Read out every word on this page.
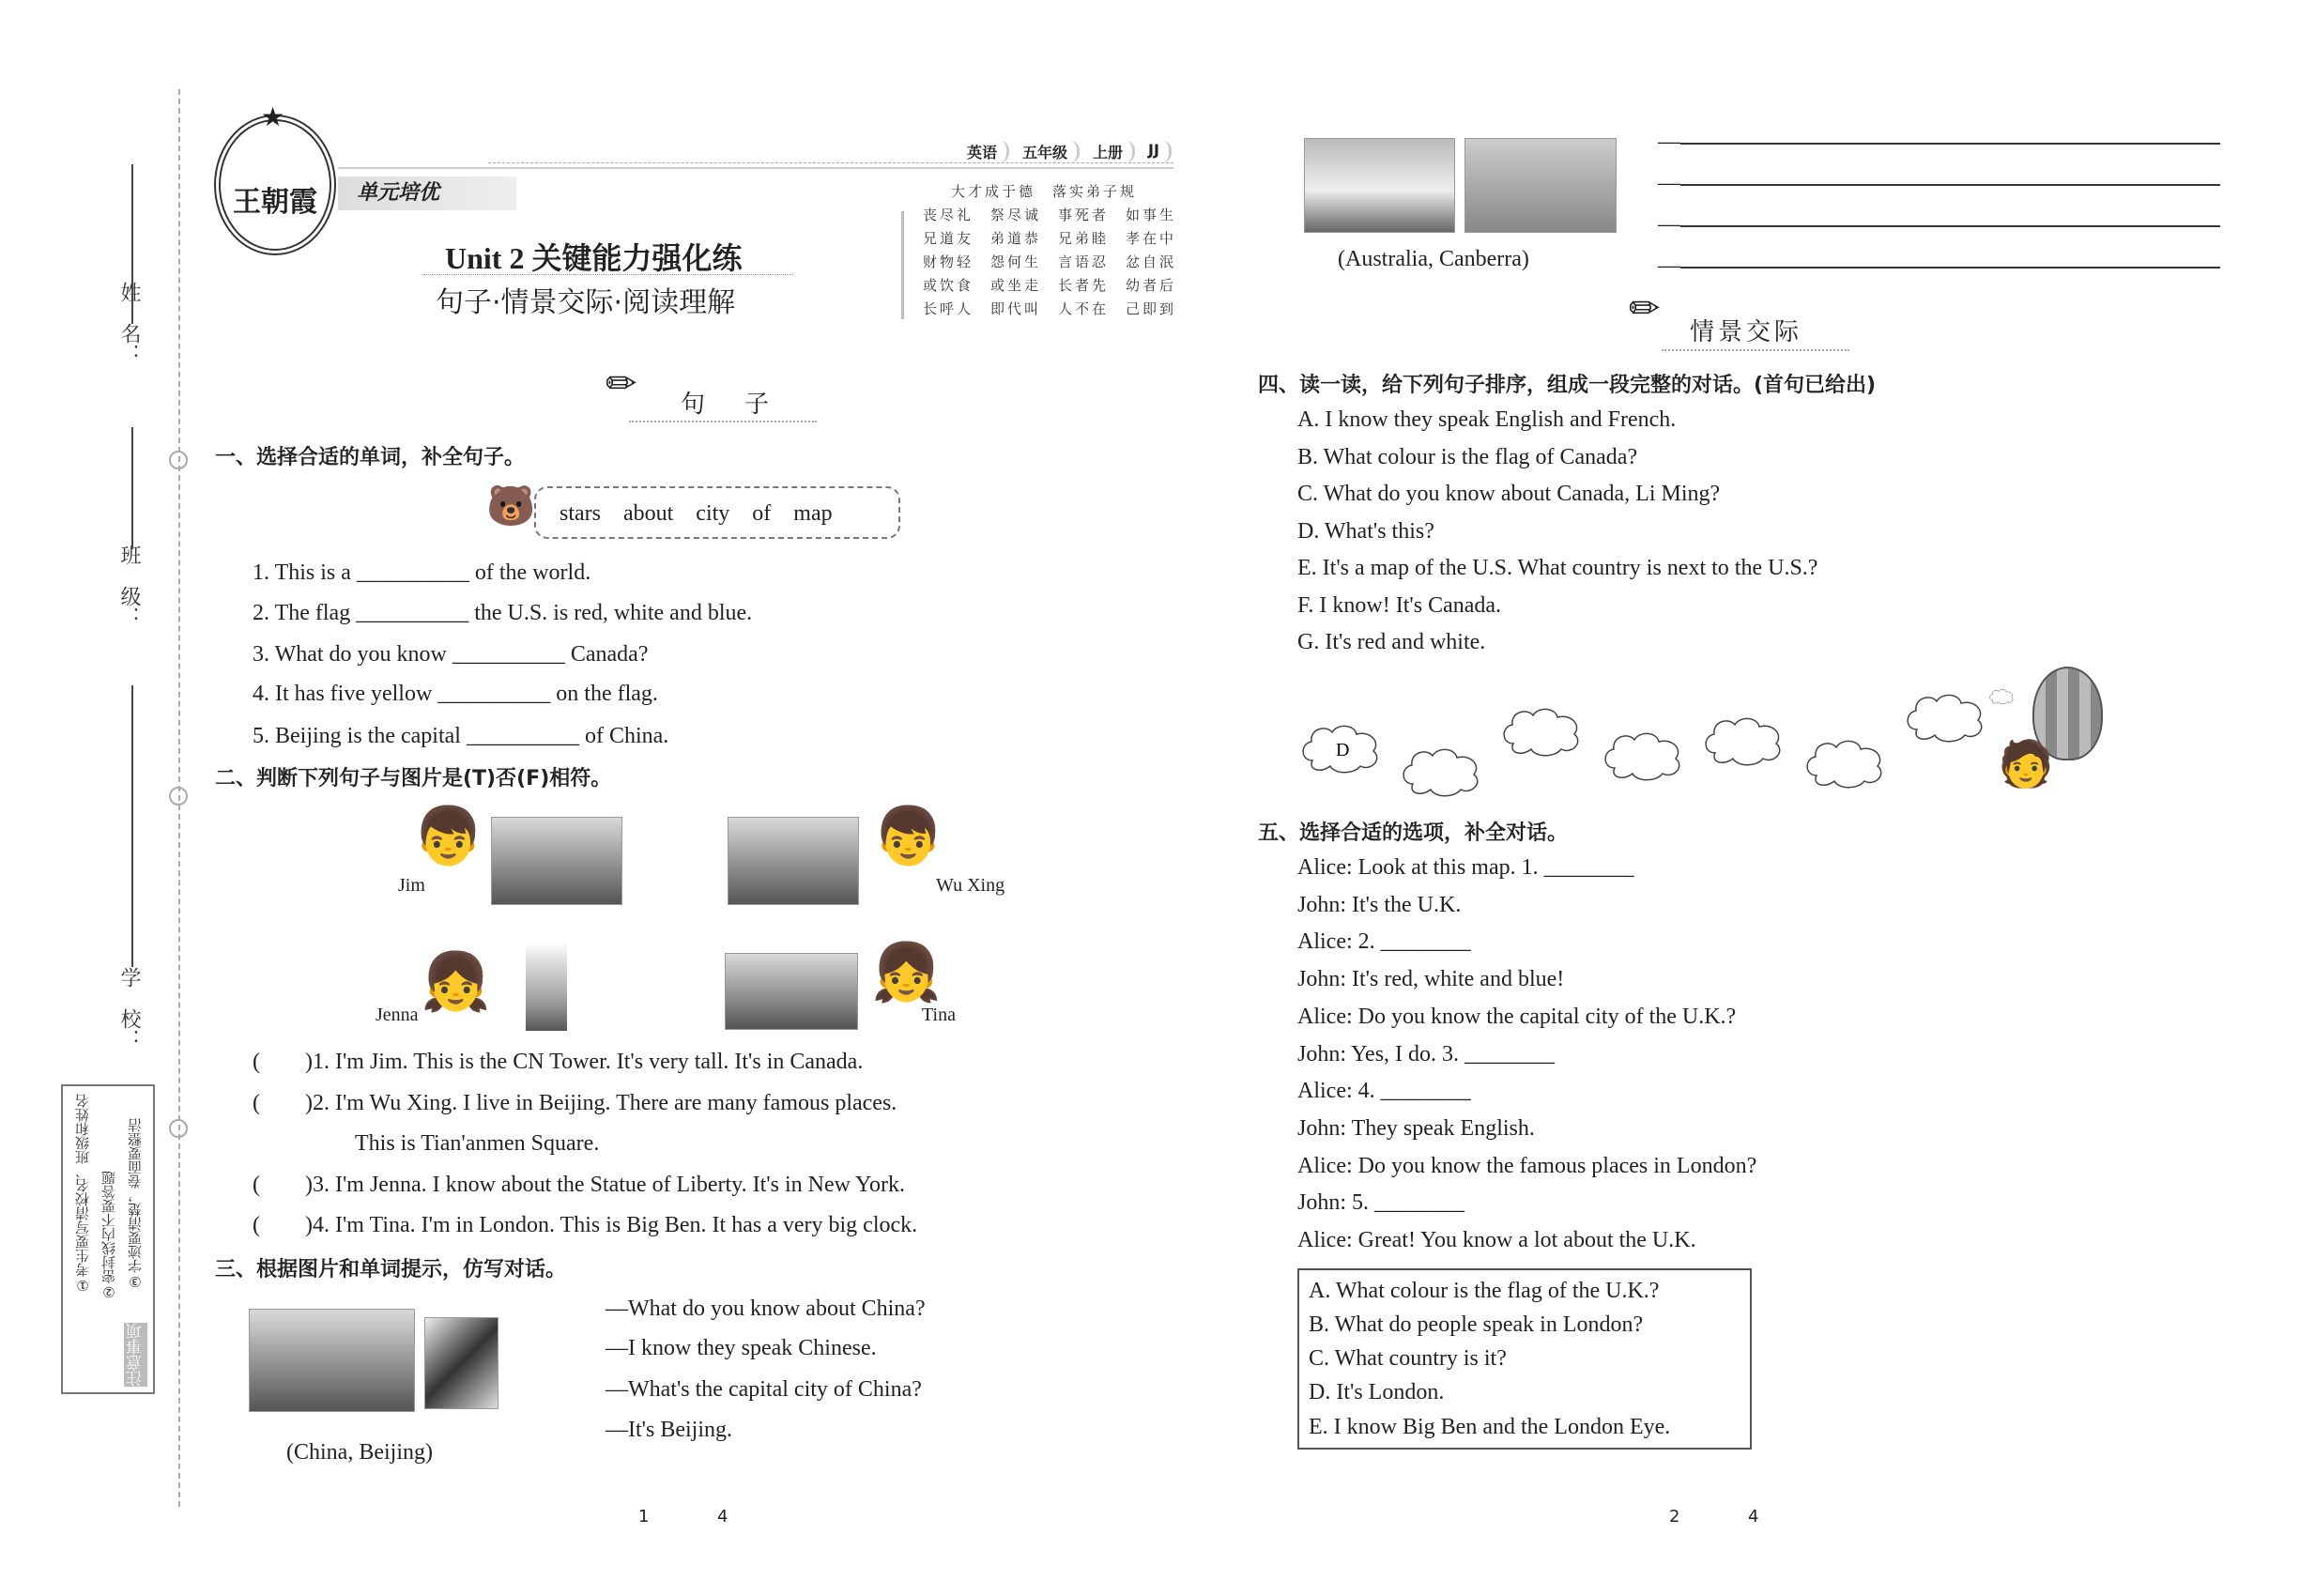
姓　名：
班　级：
学　校：
注意事项
①考生要写清校名、班级和姓名 ②密封线内不要答题 ③字迹要清楚，卷面要整洁
王朝霞
★
单元培优
英语	五年级	上册	JJ
Unit 2 关键能力强化练
句子·情景交际·阅读理解
大才成于德　落实弟子规
丧尽礼　祭尽诚　事死者　如事生
兄道友　弟道恭　兄弟睦　孝在中
财物轻　怨何生　言语忍　忿自泯
或饮食　或坐走　长者先　幼者后
长呼人　即代叫　人不在　己即到
✏ 句　子
一、选择合适的单词，补全句子。
🐻	stars　about　city　of　map
1. This is a __________ of the world.
2. The flag __________ the U.S. is red, white and blue.
3. What do you know __________ Canada?
4. It has five yellow __________ on the flag.
5. Beijing is the capital __________ of China.
二、判断下列句子与图片是(T)否(F)相符。
👦
Jim
👦
Wu Xing
👧
Jenna
👧
Tina
(　　)1. I'm Jim. This is the CN Tower. It's very tall. It's in Canada.
(　　)2. I'm Wu Xing. I live in Beijing. There are many famous places.
This is Tian'anmen Square.
(　　)3. I'm Jenna. I know about the Statue of Liberty. It's in New York.
(　　)4. I'm Tina. I'm in London. This is Big Ben. It has a very big clock.
三、根据图片和单词提示，仿写对话。
(China, Beijing)
—What do you know about China?
—I know they speak Chinese.
—What's the capital city of China?
—It's Beijing.
1	4
(Australia, Canberra)
—
—
—
—
✏
情景交际
四、读一读，给下列句子排序，组成一段完整的对话。(首句已给出)
A. I know they speak English and French.
B. What colour is the flag of Canada?
C. What do you know about Canada, Li Ming?
D. What's this?
E. It's a map of the U.S. What country is next to the U.S.?
F. I know! It's Canada.
G. It's red and white.
D	🧑
五、选择合适的选项，补全对话。
Alice: Look at this map. 1. ________
John: It's the U.K.
Alice: 2. ________
John: It's red, white and blue!
Alice: Do you know the capital city of the U.K.?
John: Yes, I do. 3. ________
Alice: 4. ________
John: They speak English.
Alice: Do you know the famous places in London?
John: 5. ________
Alice: Great! You know a lot about the U.K.
A. What colour is the flag of the U.K.?
B. What do people speak in London?
C. What country is it?
D. It's London.
E. I know Big Ben and the London Eye.
2	4
